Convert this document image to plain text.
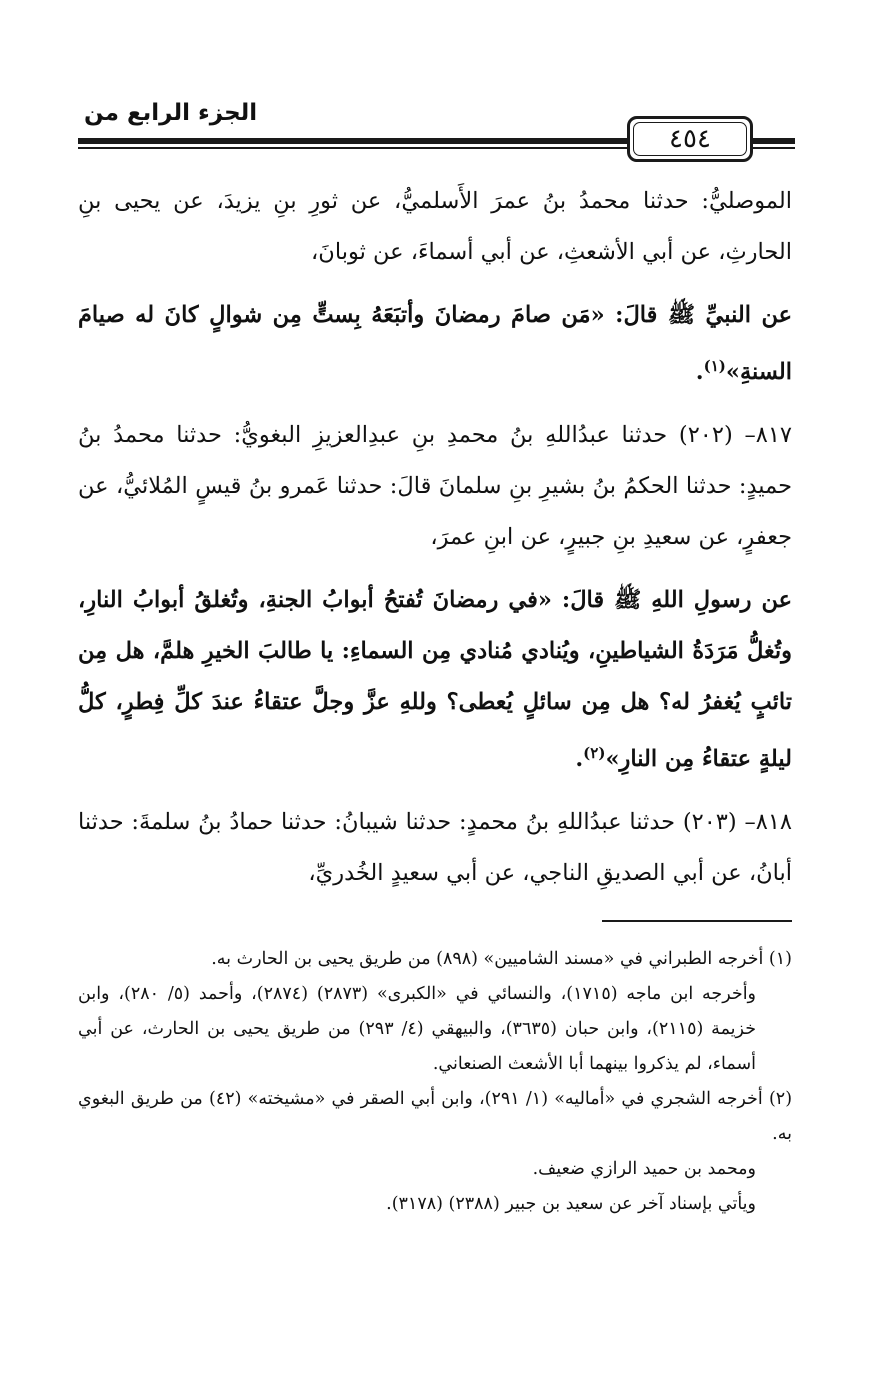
الجزء الرابع من
٤٥٤

الموصليُّ: حدثنا محمدُ بنُ عمرَ الأَسلميُّ، عن ثورِ بنِ يزيدَ، عن يحيى بنِ الحارثِ، عن أبي الأشعثِ، عن أبي أسماءَ، عن ثوبانَ،

عن النبيِّ ﷺ قالَ: «مَن صامَ رمضانَ وأتبَعَهُ بِستٍّ مِن شوالٍ كانَ له صيامَ السنةِ»$^{(١)}$.

٨١٧– (٢٠٢) حدثنا عبدُاللهِ بنُ محمدِ بنِ عبدِالعزيزِ البغويُّ: حدثنا محمدُ بنُ حميدٍ: حدثنا الحكمُ بنُ بشيرِ بنِ سلمانَ قالَ: حدثنا عَمرو بنُ قيسٍ المُلائيُّ، عن جعفرٍ، عن سعيدِ بنِ جبيرٍ، عن ابنِ عمرَ،

عن رسولِ اللهِ ﷺ قالَ: «في رمضانَ تُفتحُ أبوابُ الجنةِ، وتُغلقُ أبوابُ النارِ، وتُغلُّ مَرَدَةُ الشياطينِ، ويُنادي مُنادي مِن السماءِ: يا طالبَ الخيرِ هلمَّ، هل مِن تائبٍ يُغفرُ له؟ هل مِن سائلٍ يُعطى؟ وللهِ عزَّ وجلَّ عتقاءُ عندَ كلِّ فِطرٍ، كلُّ ليلةٍ عتقاءُ مِن النارِ»$^{(٢)}$.

٨١٨– (٢٠٣) حدثنا عبدُاللهِ بنُ محمدٍ: حدثنا شيبانُ: حدثنا حمادُ بنُ سلمةَ: حدثنا أبانُ، عن أبي الصديقِ الناجي، عن أبي سعيدٍ الخُدريِّ،

(١) أخرجه الطبراني في «مسند الشاميين» (٨٩٨) من طريق يحيى بن الحارث به.

وأخرجه ابن ماجه (١٧١٥)، والنسائي في «الكبرى» (٢٨٧٣) (٢٨٧٤)، وأحمد (٥/ ٢٨٠)، وابن خزيمة (٢١١٥)، وابن حبان (٣٦٣٥)، والبيهقي (٤/ ٢٩٣) من طريق يحيى بن الحارث، عن أبي أسماء، لم يذكروا بينهما أبا الأشعث الصنعاني.

(٢) أخرجه الشجري في «أماليه» (١/ ٢٩١)، وابن أبي الصقر في «مشيخته» (٤٢) من طريق البغوي به.

ومحمد بن حميد الرازي ضعيف.

ويأتي بإسناد آخر عن سعيد بن جبير (٢٣٨٨) (٣١٧٨).
